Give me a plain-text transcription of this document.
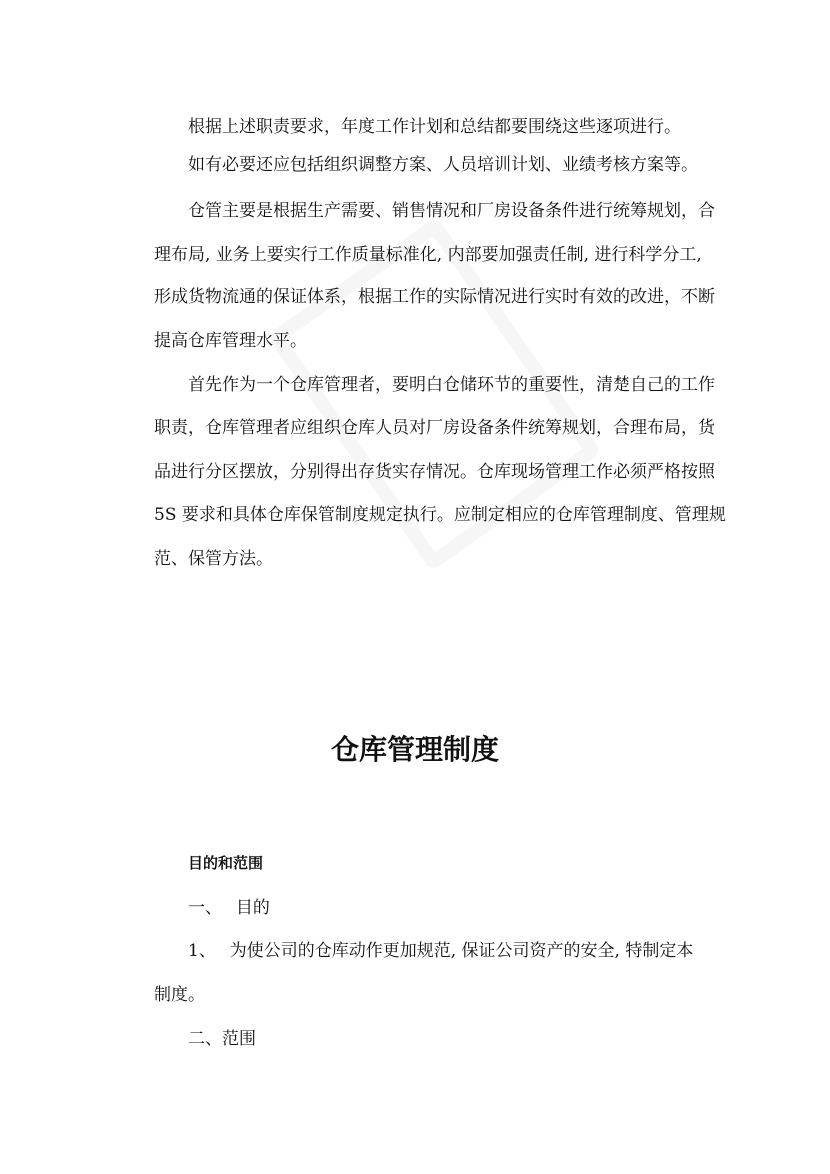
根据上述职责要求，年度工作计划和总结都要围绕这些逐项进行。
如有必要还应包括组织调整方案、人员培训计划、业绩考核方案等。
仓管主要是根据生产需要、销售情况和厂房设备条件进行统筹规划，合
理布局, 业务上要实行工作质量标准化, 内部要加强责任制, 进行科学分工,
形成货物流通的保证体系，根据工作的实际情况进行实时有效的改进，不断
提高仓库管理水平。
首先作为一个仓库管理者，要明白仓储环节的重要性，清楚自己的工作
职责，仓库管理者应组织仓库人员对厂房设备条件统筹规划，合理布局，货
品进行分区摆放，分别得出存货实存情况。仓库现场管理工作必须严格按照
5S 要求和具体仓库保管制度规定执行。应制定相应的仓库管理制度、管理规
范、保管方法。
仓库管理制度
目的和范围
一、　 目的
1、　 为使公司的仓库动作更加规范, 保证公司资产的安全, 特制定本
制度。
二、范围
